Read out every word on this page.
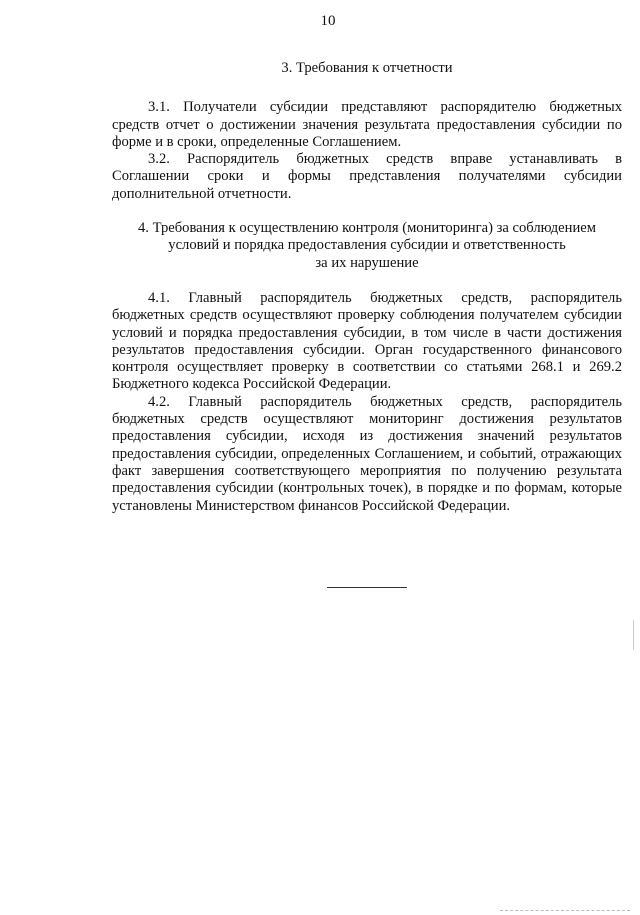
10

3. Требования к отчетности

3.1. Получатели субсидии представляют распорядителю бюджетных средств отчет о достижении значения результата предоставления субсидии по форме и в сроки, определенные Соглашением.

3.2. Распорядитель бюджетных средств вправе устанавливать в Соглашении сроки и формы представления получателями субсидии дополнительной отчетности.

4. Требования к осуществлению контроля (мониторинга) за соблюдением
условий и порядка предоставления субсидии и ответственность
за их нарушение

4.1. Главный распорядитель бюджетных средств, распорядитель бюджетных средств осуществляют проверку соблюдения получателем субсидии условий и порядка предоставления субсидии, в том числе в части достижения результатов предоставления субсидии. Орган государственного финансового контроля осуществляет проверку в соответствии со статьями 268.1 и 269.2 Бюджетного кодекса Российской Федерации.

4.2. Главный распорядитель бюджетных средств, распорядитель бюджетных средств осуществляют мониторинг достижения результатов предоставления субсидии, исходя из достижения значений результатов предоставления субсидии, определенных Соглашением, и событий, отражающих факт завершения соответствующего мероприятия по получению результата предоставления субсидии (контрольных точек), в порядке и по формам, которые установлены Министерством финансов Российской Федерации.
